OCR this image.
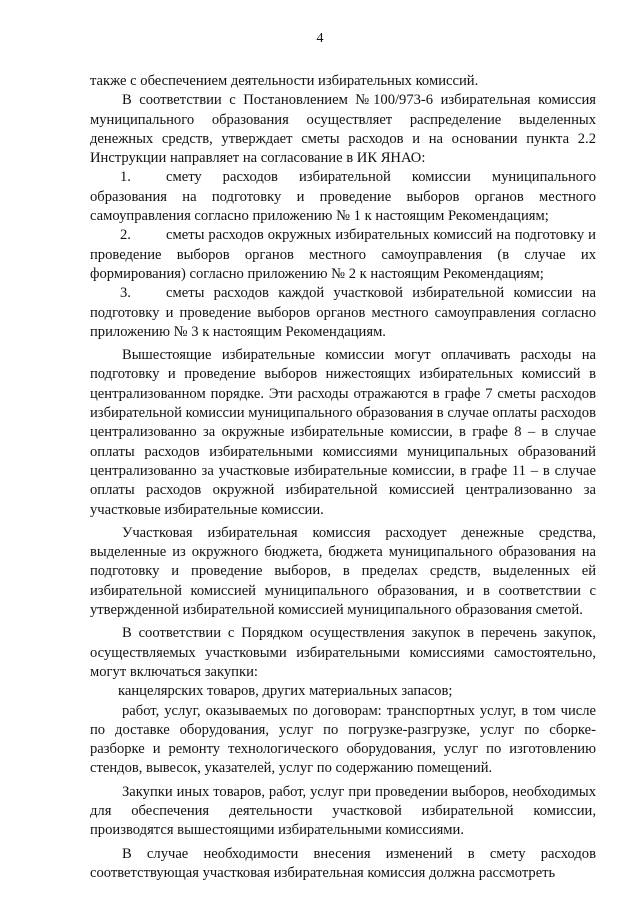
4

также с обеспечением деятельности избирательных комиссий.

В соответствии с Постановлением №100/973-6 избирательная комиссия муниципального образования осуществляет распределение выделенных денежных средств, утверждает сметы расходов и на основании пункта 2.2 Инструкции направляет на согласование в ИК ЯНАО:

1. смету расходов избирательной комиссии муниципального образования на подготовку и проведение выборов органов местного самоуправления согласно приложению № 1 к настоящим Рекомендациям;

2. сметы расходов окружных избирательных комиссий на подготовку и проведение выборов органов местного самоуправления (в случае их формирования) согласно приложению № 2 к настоящим Рекомендациям;

3. сметы расходов каждой участковой избирательной комиссии на подготовку и проведение выборов органов местного самоуправления согласно приложению № 3 к настоящим Рекомендациям.

Вышестоящие избирательные комиссии могут оплачивать расходы на подготовку и проведение выборов нижестоящих избирательных комиссий в централизованном порядке. Эти расходы отражаются в графе 7 сметы расходов избирательной комиссии муниципального образования в случае оплаты расходов централизованно за окружные избирательные комиссии, в графе 8 – в случае оплаты расходов избирательными комиссиями муниципальных образований централизованно за участковые избирательные комиссии, в графе 11 – в случае оплаты расходов окружной избирательной комиссией централизованно за участковые избирательные комиссии.

Участковая избирательная комиссия расходует денежные средства, выделенные из окружного бюджета, бюджета муниципального образования на подготовку и проведение выборов, в пределах средств, выделенных ей избирательной комиссией муниципального образования, и в соответствии с утвержденной избирательной комиссией муниципального образования сметой.

В соответствии с Порядком осуществления закупок в перечень закупок, осуществляемых участковыми избирательными комиссиями самостоятельно, могут включаться закупки:

канцелярских товаров, других материальных запасов;

работ, услуг, оказываемых по договорам: транспортных услуг, в том числе по доставке оборудования, услуг по погрузке-разгрузке, услуг по сборке-разборке и ремонту технологического оборудования, услуг по изготовлению стендов, вывесок, указателей, услуг по содержанию помещений.

Закупки иных товаров, работ, услуг при проведении выборов, необходимых для обеспечения деятельности участковой избирательной комиссии, производятся вышестоящими избирательными комиссиями.

В случае необходимости внесения изменений в смету расходов соответствующая участковая избирательная комиссия должна рассмотреть
